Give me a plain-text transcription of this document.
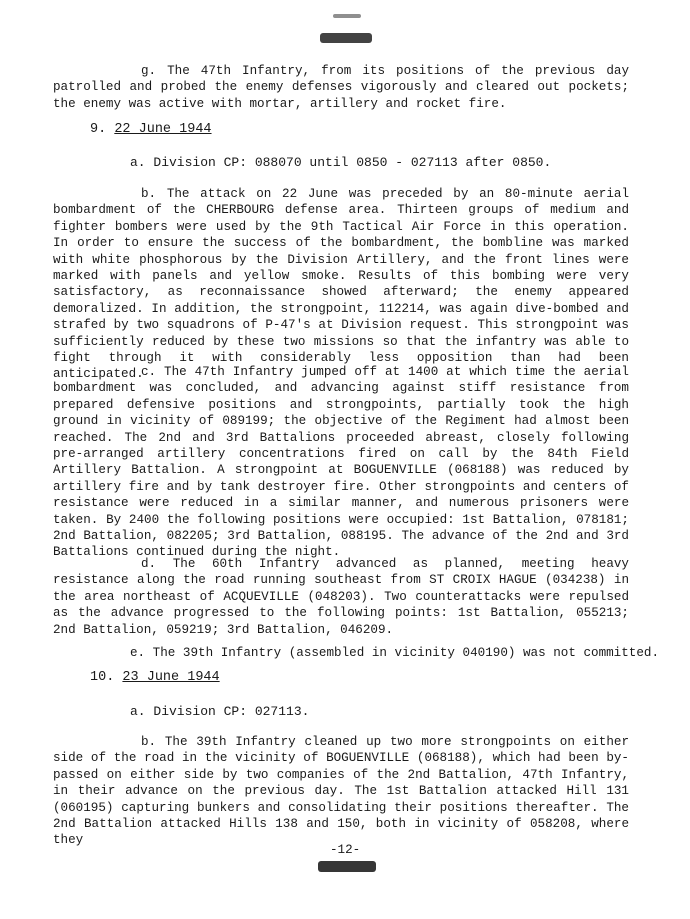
g. The 47th Infantry, from its positions of the previous day patrolled and probed the enemy defenses vigorously and cleared out pockets; the enemy was active with mortar, artillery and rocket fire.

9. 22 June 1944

a. Division CP: 088070 until 0850 - 027113 after 0850.

b. The attack on 22 June was preceded by an 80-minute aerial bombardment of the CHERBOURG defense area. Thirteen groups of medium and fighter bombers were used by the 9th Tactical Air Force in this operation. In order to ensure the success of the bombardment, the bombline was marked with white phosphorous by the Division Artillery, and the front lines were marked with panels and yellow smoke. Results of this bombing were very satisfactory, as reconnaissance showed afterward; the enemy appeared demoralized. In addition, the strongpoint, 112214, was again dive-bombed and strafed by two squadrons of P-47's at Division request. This strongpoint was sufficiently reduced by these two missions so that the infantry was able to fight through it with considerably less opposition than had been anticipated.

c. The 47th Infantry jumped off at 1400 at which time the aerial bombardment was concluded, and advancing against stiff resistance from prepared defensive positions and strongpoints, partially took the high ground in vicinity of 089199; the objective of the Regiment had almost been reached. The 2nd and 3rd Battalions proceeded abreast, closely following pre-arranged artillery concentrations fired on call by the 84th Field Artillery Battalion. A strongpoint at BOGUENVILLE (068188) was reduced by artillery fire and by tank destroyer fire. Other strongpoints and centers of resistance were reduced in a similar manner, and numerous prisoners were taken. By 2400 the following positions were occupied: 1st Battalion, 078181; 2nd Battalion, 082205; 3rd Battalion, 088195. The advance of the 2nd and 3rd Battalions continued during the night.

d. The 60th Infantry advanced as planned, meeting heavy resistance along the road running southeast from ST CROIX HAGUE (034238) in the area northeast of ACQUEVILLE (048203). Two counterattacks were repulsed as the advance progressed to the following points: 1st Battalion, 055213; 2nd Battalion, 059219; 3rd Battalion, 046209.

e. The 39th Infantry (assembled in vicinity 040190) was not committed.

10. 23 June 1944

a. Division CP: 027113.

b. The 39th Infantry cleaned up two more strongpoints on either side of the road in the vicinity of BOGUENVILLE (068188), which had been by-passed on either side by two companies of the 2nd Battalion, 47th Infantry, in their advance on the previous day. The 1st Battalion attacked Hill 131 (060195) capturing bunkers and consolidating their positions thereafter. The 2nd Battalion attacked Hills 138 and 150, both in vicinity of 058208, where they

-12-
